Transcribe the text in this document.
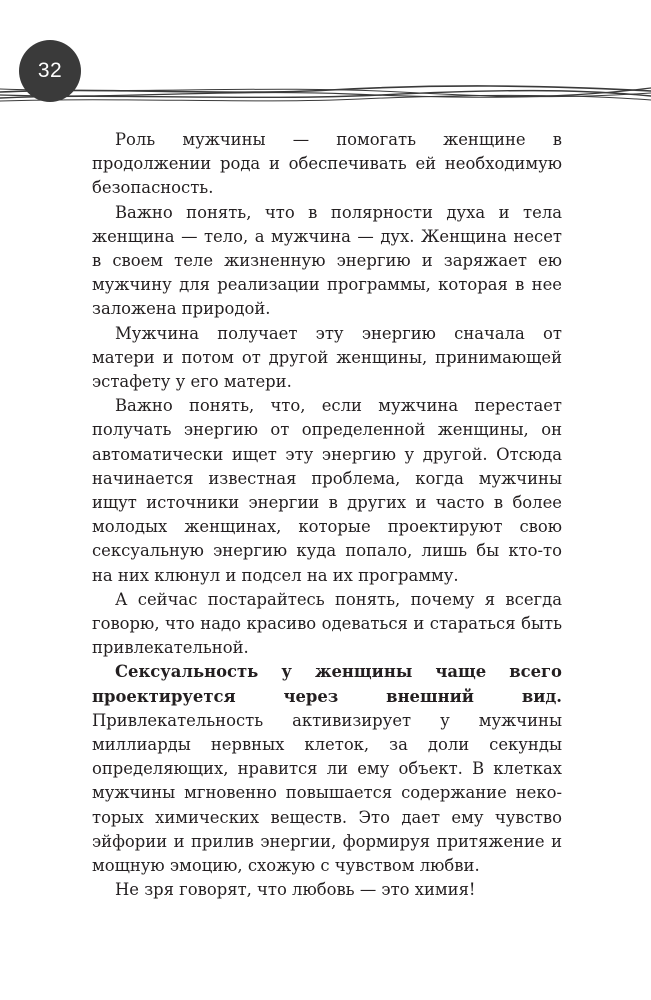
32

Роль мужчины — помогать женщине в продолжении рода и обеспечивать ей необходимую безопасность.

Важно понять, что в полярности духа и тела женщина — тело, а мужчина — дух. Женщина несет в своем теле жизненную энергию и заряжает ею мужчину для реализации программы, которая в нее заложена природой.

Мужчина получает эту энергию сначала от матери и потом от другой женщины, принимающей эстафету у его матери.

Важно понять, что, если мужчина перестает получать энергию от определенной женщины, он автоматически ищет эту энергию у другой. Отсюда начинается известная проблема, когда мужчины ищут источники энергии в других и часто в более молодых женщинах, которые проектируют свою сексуальную энергию куда попало, лишь бы кто-то на них клюнул и подсел на их программу.

А сейчас постарайтесь понять, почему я всегда говорю, что надо красиво одеваться и стараться быть привлекательной.

Сексуальность у женщины чаще всего проектируется через внешний вид. Привлекательность активизирует у мужчины миллиарды нервных клеток, за доли секунды определяющих, нравится ли ему объект. В клетках мужчины мгновенно повышается содержание некоторых химических веществ. Это дает ему чувство эйфории и прилив энергии, формируя притяжение и мощную эмоцию, схожую с чувством любви.

Не зря говорят, что любовь — это химия!
